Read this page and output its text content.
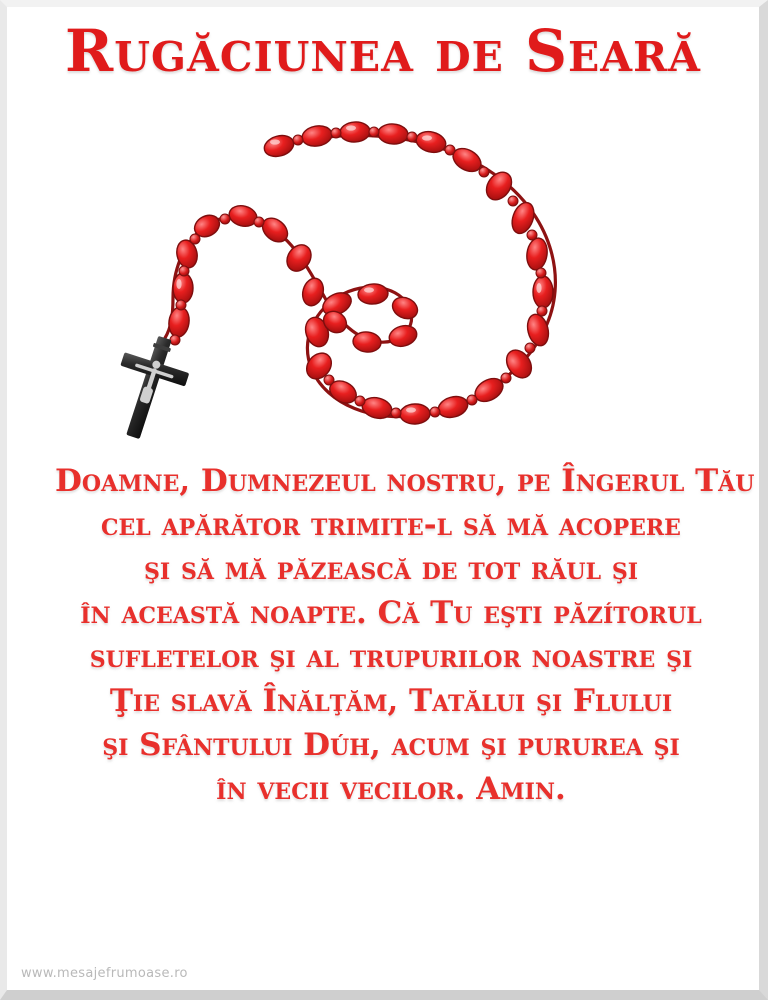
Rugăciunea de Seară
Doamne, Dumnezeul nostru, pe Îngerul Tău
cel apărător trimite-l să mă acopere
şi să mă păzească de tot răul şi
în această noapte. Că Tu eşti păzítorul
sufletelor şi al trupurilor noastre şi
Ţie slavă Înălţăm, Tatălui şi Flului
şi Sfântului Dúh, acum şi pururea şi
în vecii vecilor. Amin.
www.mesajefrumoase.ro
